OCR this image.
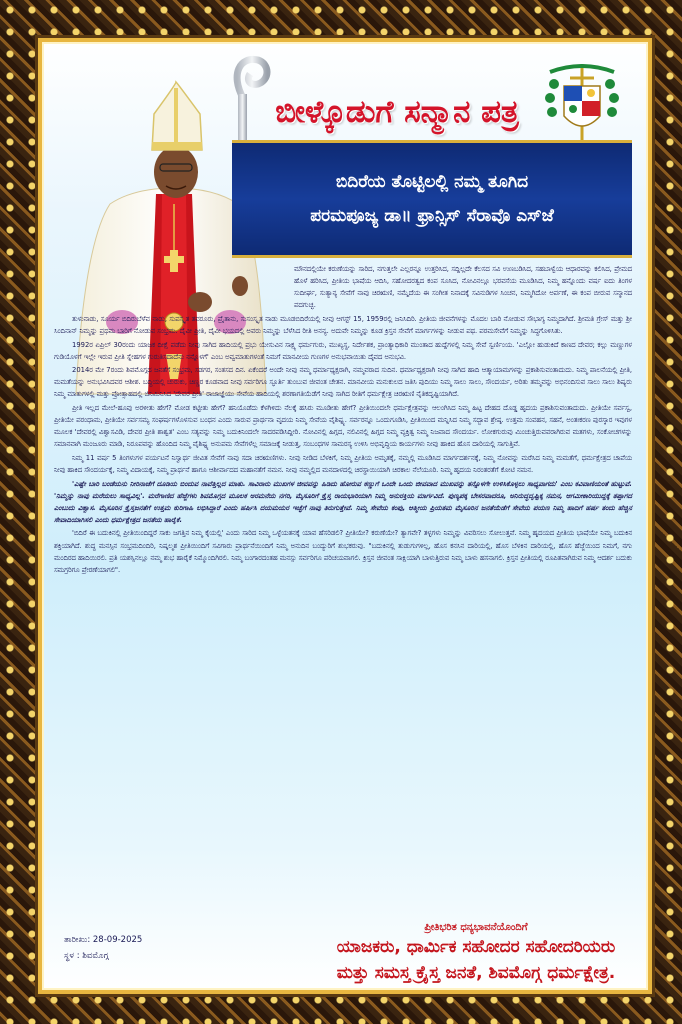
ಬೀಳ್ಕೊಡುಗೆ ಸನ್ಮಾನ ಪತ್ರ
ಬಿದಿರೆಯ ತೊಟ್ಟಿಲಲ್ಲಿ ನಮ್ಮ ತೂಗಿದ
ಪರಮಪೂಜ್ಯ ಡಾ॥ ಫ್ರಾನ್ಸಿಸ್ ಸೆರಾವೊ ಎಸ್‌ಜೆ

ಮೌನದಲ್ಲಿಯೇ ಕರುಣೆಯನ್ನು ಸಾರಿದ, ನಗುತ್ತಲೇ ಎಲ್ಲರನ್ನೂ ಉತ್ತರಿಸಿದ, ಸದ್ದಿಲ್ಲದೇ ಕೆಲಸದ ಸವಿ ಉಣಬಡಿಸಿದ, ಸಹಬಾಳ್ವೆಯ ಆಧಾರವನ್ನು ಕಲಿಸಿದ, ಪ್ರೇಮದ ಹೊಳೆ ಹರಿಸಿದ, ಪ್ರೀತಿಯ ಭಾಷೆಯ ಆದಿಸಿ, ಸಹೋದರತ್ವದ ಕಂಪ ಸೂಸಿದ, ನೋವಿನಲ್ಲೂ ಭರವಸೆಯ ಮೂಡಿಸಿದ, ನಿಮ್ಮ ಹನ್ನೊಂದು ವರ್ಷ ಐದು ತಿಂಗಳ ಸುದೀರ್ಘ, ಸುತ್ಯಾನ್ಯ ಸೇವೆಗೆ ನಾವು ಚಿರಋಣಿ, ನಮ್ಮೆದೆಯ ಈ ಸಂಗೀತ ನಿನಾದಕ್ಕೆ ಸವಿನುಡಿಗಳ ಸಿಂಚನ, ನಿಮ್ಮಗಿದೋ ಅರ್ಪಣೆ, ಈ ಕಂಪ ಬೀರುವ ಸನ್ಮಾನದ ಪದಗುಚ್ಛ.

ತುಳುನಾಡು, ಸೂರ್ಯ ಬಿದಿರುಬೆಳೆವ ನಾಡು, ಸುಪಸ್ಕೃತ ತವರೂರು, ಪ್ರೈತಾನು, ಸುಸಂಸ್ಕೃತ ನಾಡು ಮೂಡಬಿದಿರೆಯಲ್ಲಿ ನೀವು ಆಗಸ್ಟ್ 15, 1959ರಲ್ಲಿ ಜನಿಸಿದಿರಿ. ಪ್ರೀತಿಯ ಜೀವನೆಗಳನ್ನು ಮೊದಲ ಬಾರಿ ನೋಡುವ ಸೌಭಾಗ್ಯ ನಿಮ್ಮದಾಗಿದೆ. ಶ್ರೀಮತಿ ಗ್ರೇಸ್ ಮತ್ತು ಶ್ರೀ ಸಿಂದಿನಾನ್ ನಿಮ್ಮನ್ನು ಪ್ರಥಮ ಬಾರಿಗೆ ನೋಡುವ ಸಂಭ್ರಮ. ದೈವೀ ಪ್ರೀತಿ, ದೈವೀ ಭಯದಲ್ಲಿ ಅವರು ನಿಮ್ಮನ್ನು ಬೆಳೆಸಿದ ರೀತಿ ಅನನ್ಯ. ಅದುವೇ ನಿಮ್ಮನ್ನು ಕೂಡ ಕ್ರಿಸ್ತನ ಸೇವೆಗೆ ಮಾರ್ಗಗಳನ್ನು ನೀಡುವ ಪಥ. ಪರಮಸೇವೆಗೆ ನಿಮ್ಮನ್ನು ಸಿದ್ಧಗೊಳಿಸಿತು.

1992ರ ಏಪ್ರಿಲ್ 30ರಂದು ಯಾಜಕ ದೀಕ್ಷೆ ಪಡೆದು ನೀವು ಸಾಗಿದ ಹಾದಿಯಲ್ಲಿ ಪ್ರಭು ಯೇಸುವಿನ ಸಾಕ್ಷ್ಯ ಧರ್ಮಗುರು, ಮುಖ್ಯಸ್ಥ, ನಿರ್ದೇಶಕ, ಪ್ರಾಂತ್ಯಾಧಿಕಾರಿ ಮುಂತಾದ ಹುದ್ದೆಗಳಲ್ಲಿ ನಿಮ್ಮ ಸೇವೆ ಸ್ವರ್ಣಿಂಯ. 'ಎಲ್ಲೋ ಹುಡುಕಿದೆ ಕಾಣದ ದೇವರ; ಕಲ್ಲು ಮಣ್ಣುಗಳ ಗುಡಿಯೊಳಗೆ ಇಲ್ಲೇ ಇರುವ ಪ್ರೀತಿ ಸ್ನೇಹಗಳ ಗುರುತಿಸದಾದೆನು ನನ್ನೊಳಗೆ' ಎಂಬ ಅವ್ವಮಾತುಗಳಂತೆ ನಿಮಗೆ ಮಾನವೀಯ ಗುಣಗಳ ಅನುಭವಾಯಿತು ದೈವದ ಅನುಭವಿ.

2014ರ ಮೇ 7ರಂದು ಶಿವಮೊಗ್ಗದ ಜನತೆಗೆ ಸಂಭ್ರಮ, ಸಡಗರ, ಸಂತಸದ ದಿನ. ಏಕೆಂದರೆ ಅಂದೇ ನೀವು ನಮ್ಮ ಧರ್ಮಾಧ್ಯಕ್ಷರಾಗಿ, ನಮ್ಮವರಾದ ಸುದಿನ. ಧರ್ಮಾಧ್ಯಕ್ಷರಾಗಿ ನೀವು ಸಾಗಿದ ಹಾದಿ ಆತ್ಮಾಯಾಮಗಳನ್ನು ಪ್ರಕಾಶಿಸುವಂತಾದುದು. ನಿಮ್ಮ ಪಾಲನೆಯಲ್ಲಿ ಪ್ರೀತಿ, ಮಮತೆಯನ್ನು ಅನುಭವಿಸಿದವರ ಆಶೀಶ. ಬದ್ಧಿಯಲ್ಲಿ ಚುರುಕು, ಚಿಣ್ಣರ ಕೂಡವಾದ ನೀವು ಸರ್ವರಿಗೂ ಸ್ಫೂರ್ತಿ ತುಂಬುವ ಜೀವಂತ ಚೇತನ. ಮಾನವೀಯ ಮನುಕುಲದ ಜತಿಸಿ ಪುದಿಯು ನಿಮ್ಮ ಸಾಲು ಸಾಲು, ಸೌಂದರ್ಯ, ಅರಿತು ತಮ್ಮವನ್ನು ಅಭಿನಂದಿಸುವ ಸಾಲು ಸಾಲು ಶಿಷ್ಯರು ನಿಮ್ಮ ಮಾತುಗಳಲ್ಲಿ ಮತ್ತು ಪ್ರೋತ್ಸಾಹದಲ್ಲಿ ಜಿನಿಮಿನಿಸಿದ 'ದೇವರ ಪ್ರೀತಿ' ರಾಜಾಜ್ಞೆಯು ಸೇವೆಯ ಹಾದಿಯಲ್ಲಿ ಶರಣಾಗತಿಯೆಡೆಗೆ ನೀವು ಸಾಗಿದ ರೀತಿಗೆ ಧರ್ಮಕ್ಷೇತ್ರ ಚಿರಋಣಿ ನೈತಿಕದೃಷ್ಟಿಯಾಗಿದೆ.

ಪ್ರೀತಿ ಇಲ್ಲದ ಮೇಲೆ-ಹೂವು ಅರಳೀತು ಹೇಗೆ? ಮೋಡ ಕಟ್ಟೀತು ಹೇಗೆ? ಹನಿಯೊಡೆದು ಕೆಳಗಿಳಿದು ನೆಲಕ್ಕೆ ಹಸಿರು ಮೂಡೀತು ಹೇಗೆ? ಪ್ರೀತಿಯಿಂದಲೇ ಧರ್ಮಕ್ಷೇತ್ರವನ್ನು ಆಲಂಗಿಸಿದ ನಿಮ್ಮ ಹಿಟ್ಟ ದೇಹದ ದೊಡ್ಡ ಹೃದಯ ಪ್ರಕಾಶಿಸುವಂತಾದುದು. ಪ್ರೀತಿಯೇ ಸರ್ವಸ್ವ, ಪ್ರೀತಿಯೇ ಪರಂಧಾಮ, ಪ್ರೀತಿಯೇ ಸರ್ವಸಮ್ಯ ಸಂಘರ್ಷಗಳೊಳಸುವ ಬಂಧನ ಎಂದು ಸಾರುವ ಪ್ರಾರ್ಥನಾ ವೃದಯ ನಿಮ್ಮ ಸೇವೆಯ ವೈಶಿಷ್ಟ್ಯ. ಸರ್ವರನ್ನೂ ಒಂದುಗೂಡಿಸಿ, ಪ್ರೀತಿಯಿಂದ ಮನ್ನಿಸಿದ ನಿಮ್ಮ ಸದ್ಭಾವ ಶ್ರೇಷ್ಠ. ಉತ್ತಮ ಸಂವಹನ, ಸಹನೆ, ಅಂತಃಕರಣ ಪುರಸ್ಕಾರ ಇವುಗಳ ಮೂಲಕ 'ದೇವರಲ್ಲಿ ವಿಶ್ವಾಸವಿಡಿ, ದೇವರ ಪ್ರೀತಿ ಶಾಶ್ವತ' ಎಂಬ ಸತ್ಯವನ್ನು ನಿಮ್ಮ ಬದುಕಿನಿಂದಲೇ ಸಾದರಪಡಿಸಿದ್ದೀರಿ. ನೋವಿನಲ್ಲಿ ಹಿಗ್ಗದ, ನಲಿವಿನಲ್ಲಿ ಹಿಗ್ಗದ ನಿಮ್ಮ ವ್ಯಕ್ತಿತ್ವ ನಿಮ್ಮ ನಿಜವಾದ ಸೌಂದರ್ಯ. ಲೋಕಗುರುವು ಮಿಂಚುತ್ತಿರುವವರಾಗಿರುವ ಮತಗಳು, ಸಂಕೋಚಗಳನ್ನು ಸಮಾನವಾಗಿ ಮಂಜೂರು ಮಾಡಿ, ನಿರೂಪವನ್ನು ಹೊಂದಿದ ನಿಮ್ಮ ವೈಶಿಷ್ಟ್ಯ ಅನುಪಮ ಸೇವೆಗಳೆಲ್ಲ ಸಮಾಜಕ್ಕೆ ನೀಡುತ್ತ, ಸಂಬಂಧಗಳ ಸಾಮರಸ್ಯ ಉಳಿಸಿ ಅಭಿವೃದ್ಧಿಯ ಕಾರ್ಯಗಳು ನೀವು ಹಾಕಿದ ಹೊಸ ದಾರಿಯಲ್ಲಿ ಸಾಗುತ್ತಿವೆ.

ನಿಮ್ಮ 11 ವರ್ಷ 5 ತಿಂಗಳುಗಳ ಪರ್ಯಟನೆ ನಿಸ್ವಾರ್ಥ ಜೀವಿತ ಸೇವೆಗೆ ನಾವು ಸದಾ ಚಿರಋಣಿಗಳು. ನೀವು ನೀಡಿದ ಬೆಳಕಿಗೆ, ನಿಮ್ಮ ಪ್ರೀತಿಯ ಅಮೃತಕ್ಕೆ, ನಮ್ಮಲ್ಲಿ ಮೂಡಿಸಿದ ಮಾರ್ಗದರ್ಶನಕ್ಕೆ, ನಿಮ್ಮ ನೋವನ್ನು ಮರೆಸಿದ ನಿಮ್ಮ ಮಮತೆಗೆ, ಧರ್ಮಕ್ಷೇತ್ರದ ಚಾಪೆಯ ನೀವು ಹಾಕಿದ ಸೌಂದರ್ಯಕ್ಕೆ, ನಿಮ್ಮ ವಿದಾಯಕ್ಕೆ, ನಿಮ್ಮ ಪ್ರಾರ್ಥನೆ ಹಾಗೂ ಆಶೀರ್ವಾದದ ಮಹಾನತೆಗೆ ನಮನ. ನೀವು ನಮ್ಮಲ್ಲಿದ ಮನದಾಳದಲ್ಲಿ ಚಿರಸ್ಥಾಯಿಯಾಗಿ ಚಿರಕಾಲ ನೆಲೆಯೂರಿ. ನಿಮ್ಮ ಹೃದಯ ನಿರಂತರತೆಗೆ ಕೋಟಿ ನಮನ.

'ಎಷ್ಟೇ ಬಾರಿ ಬಂಡೆಯನು ನೀರಿನಾಚೆಗೆ ದೂಡಿಯ ಬಿಂದುವ ನಾವೆತ್ತಿಲ್ಲದ ಮಾತು. ಸಾವಿರಾರು ಮುಖಗಳ ಜೀವವನ್ನು ಹಿಡಿದು ಹೋರುವ ಕಣ್ಣುಗೆ ಒಂದೇ ಒಂದು ಜೀವವಾದ ಮುಖವನ್ನು ತನ್ನೊಳಗೇ ಉಳಿಸಿಕೊಳ್ಳಲು ಸಾಧ್ಯವಾಗದು' ಎಂಬ ಕವಿವಾಣಿಯಂತೆ ಹುಟ್ಟುವೆ. 'ನಿಮ್ಮನ್ನು ನಾವು ಮರೆಯಲು ಸಾಧ್ಯವಿಲ್ಲ'. ಮರೆಗಾಣಿದ ಹೆಜ್ಜೆಗಳು ಶಿವಮೊಗ್ಗದ ಮೂಲಕ ಅರಮನೆಯ ನಗರಿ, ಮೈಸೂರಿಗೆ ಕ್ರೈಸ್ತ ರಾಯಭಾರಿಯಾಗಿ ನಿಮ್ಮ ಅನುರಕ್ತಿಯ ಮಾರ್ಗವಿದೆ. ಪುಣ್ಯಪಕ್ಕ ಬೇಸರವಾದರೂ, ಅನಿರುದ್ಧದೃಷ್ಟಿಕ್ಕ ನಮನ, ಆಗಮೀಕಾರಿಯುದ್ದಕ್ಕೆ ತಪ್ಪಾಗದ ಎಂಬುದು ವಿಶ್ವಾಸ. ಮೈಸೂರಿನ ಕ್ರೈಸ್ತಜನತೆಗೆ ಉತ್ತಮ ಕುರಿಗಾಹಿ ಲಭಿಸಿದ್ದಾರೆ ಎಂದು ಹರ್ಷಿಸಿ ದಯಮಯರ ಇಚ್ಛೆಗೆ ನಾವು ತಿರುಗುತ್ತೇವೆ. ನಿಮ್ಮ ಸೇವೆಯ ಕಂಪು, ಆತ್ಮೀಯ ಪ್ರಿಯತಮ ಮೈಸೂರಿನ ಜನತೆಯೆಡೆಗೆ ಸೇವೆಯ ಪಯಣ ನಿಮ್ಮ ಹಾದಿಗೆ ಹರ್ಷ ತಂದು ಹೆಚ್ಚಿನ ಸೇವಾದಿಯಾಗಿಸಲಿ ಎಂದು ಧರ್ಮಕ್ಷೇತ್ರದ ಜನತೆಯ ಹಾರೈಕೆ.

'ಬಿದಿರೆ ಈ ಬದುಕಿನಲ್ಲಿ ಪ್ರೀತಿಯಿಂದಿದ್ದರೆ ಸಾಕು ಜಗತ್ತಿನ ನಿಮ್ಮ ಕೈಯಲ್ಲಿ' ಎಂದು ಸಾರಿದ ನಿಮ್ಮ ಒಳ್ಳೆಯತನಕ್ಕೆ ಯಾವ ಹೆಸರಿಡಲಿ? ಪ್ರೀತಿಯೇ? ಕರುಣೆಯೇ? ತ್ಯಾಗವೇ? ತಳ್ಳಗಳು ನಿಮ್ಮನ್ನು ವಿವರಿಸಲು ಸೋಲುತ್ತವೆ. ನಿಮ್ಮ ಹೃದಯದ ಪ್ರೀತಿಯ ಭಾಷೆಯೇ ನಿಮ್ಮ ಬದುಕಿನ ಶಕ್ತಿಯಾಗಿದೆ. ಶುದ್ಧ ಮನಸ್ಸಿನ ಸಂಭ್ರಮದಿಂದಿರಿ, ನಿಷ್ಕಲ್ಮಶ ಪ್ರೀತಿಯಿಂದಿಗೆ ಸವಿಗಾರು ಪ್ರಾರ್ಥನೆಯಿಂದಿಗೆ ನಿಮ್ಮ ಅನುದಿನ ಬಂದ್ಯುರಿಗೆ ಶುಭಕರುವು. "ಬದುಕಿನಲ್ಲಿ ತುಡುಗುಗಳಿಲ್ಲ, ಹೊಸ ಕನಸಿನ ದಾರಿಯಲ್ಲಿ, ಹೊಸ ಬೆಳಕಿನ ದಾರಿಯಲ್ಲಿ, ಹೊಸ ಹೆಜ್ಜೆಯಿಂದ ನಿಮಗೆ, ನಗು ಮಂದಿರದ ಹಾದಿಯಿರಲಿ. ಪ್ರತಿ ಯಶಸ್ಸಿನಲ್ಲೂ ನಮ್ಮ ಶುಭ ಹಾರೈಕೆ ನಿಮ್ಮೊಂದಿಗಿರಲಿ. ನಿಮ್ಮ ಬಂಗಾರದಂತಹ ಮನಸ್ಸು ಸರ್ವರಿಗೂ ಪರಿಚಯವಾಗಲಿ. ಕ್ರಿಸ್ತನ ಜೀವಂತ ಸಾಕ್ಷಿಯಾಗಿ ಬಾಳುತ್ತಿರುವ ನಿಮ್ಮ ಬಾಳು ಹಸನಾಗಲಿ. ಕ್ರಿಸ್ತನ ಪ್ರೀತಿಯಲ್ಲಿ ರೂಪಿತವಾಗಿರುವ ನಿಮ್ಮ ಆದರ್ಶ ಬದುಕು ಸಮಗ್ರರಿಗೂ ಪ್ರೇರಣೆಯಾಗಲಿ".

ತಾರೀಖು: 28-09-2025
ಸ್ಥಳ : ಶಿವಮೊಗ್ಗ
ಪ್ರೀತಿಭರಿತ ಧನ್ಯಭಾವನೆಯೊಂದಿಗೆ
ಯಾಜಕರು, ಧಾರ್ಮಿಕ ಸಹೋದರ ಸಹೋದರಿಯರು
ಮತ್ತು ಸಮಸ್ತ ಕ್ರೈಸ್ತ ಜನತೆ, ಶಿವಮೊಗ್ಗ ಧರ್ಮಕ್ಷೇತ್ರ.
